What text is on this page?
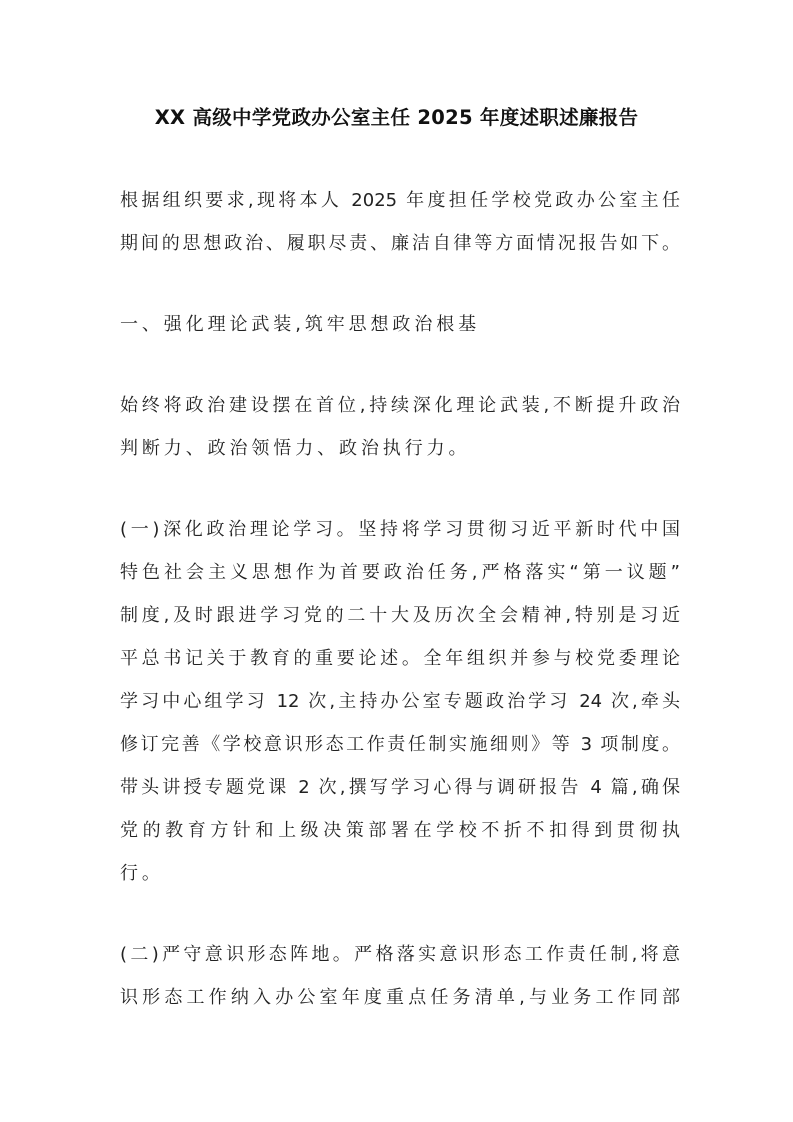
XX 高级中学党政办公室主任 2025 年度述职述廉报告
根据组织要求,现将本人 2025 年度担任学校党政办公室主任
期间的思想政治、履职尽责、廉洁自律等方面情况报告如下。
一、强化理论武装,筑牢思想政治根基
始终将政治建设摆在首位,持续深化理论武装,不断提升政治
判断力、政治领悟力、政治执行力。
(一)深化政治理论学习。坚持将学习贯彻习近平新时代中国
特色社会主义思想作为首要政治任务,严格落实“第一议题”
制度,及时跟进学习党的二十大及历次全会精神,特别是习近
平总书记关于教育的重要论述。全年组织并参与校党委理论
学习中心组学习 12 次,主持办公室专题政治学习 24 次,牵头
修订完善《学校意识形态工作责任制实施细则》等 3 项制度。
带头讲授专题党课 2 次,撰写学习心得与调研报告 4 篇,确保
党的教育方针和上级决策部署在学校不折不扣得到贯彻执
行。
(二)严守意识形态阵地。严格落实意识形态工作责任制,将意
识形态工作纳入办公室年度重点任务清单,与业务工作同部
